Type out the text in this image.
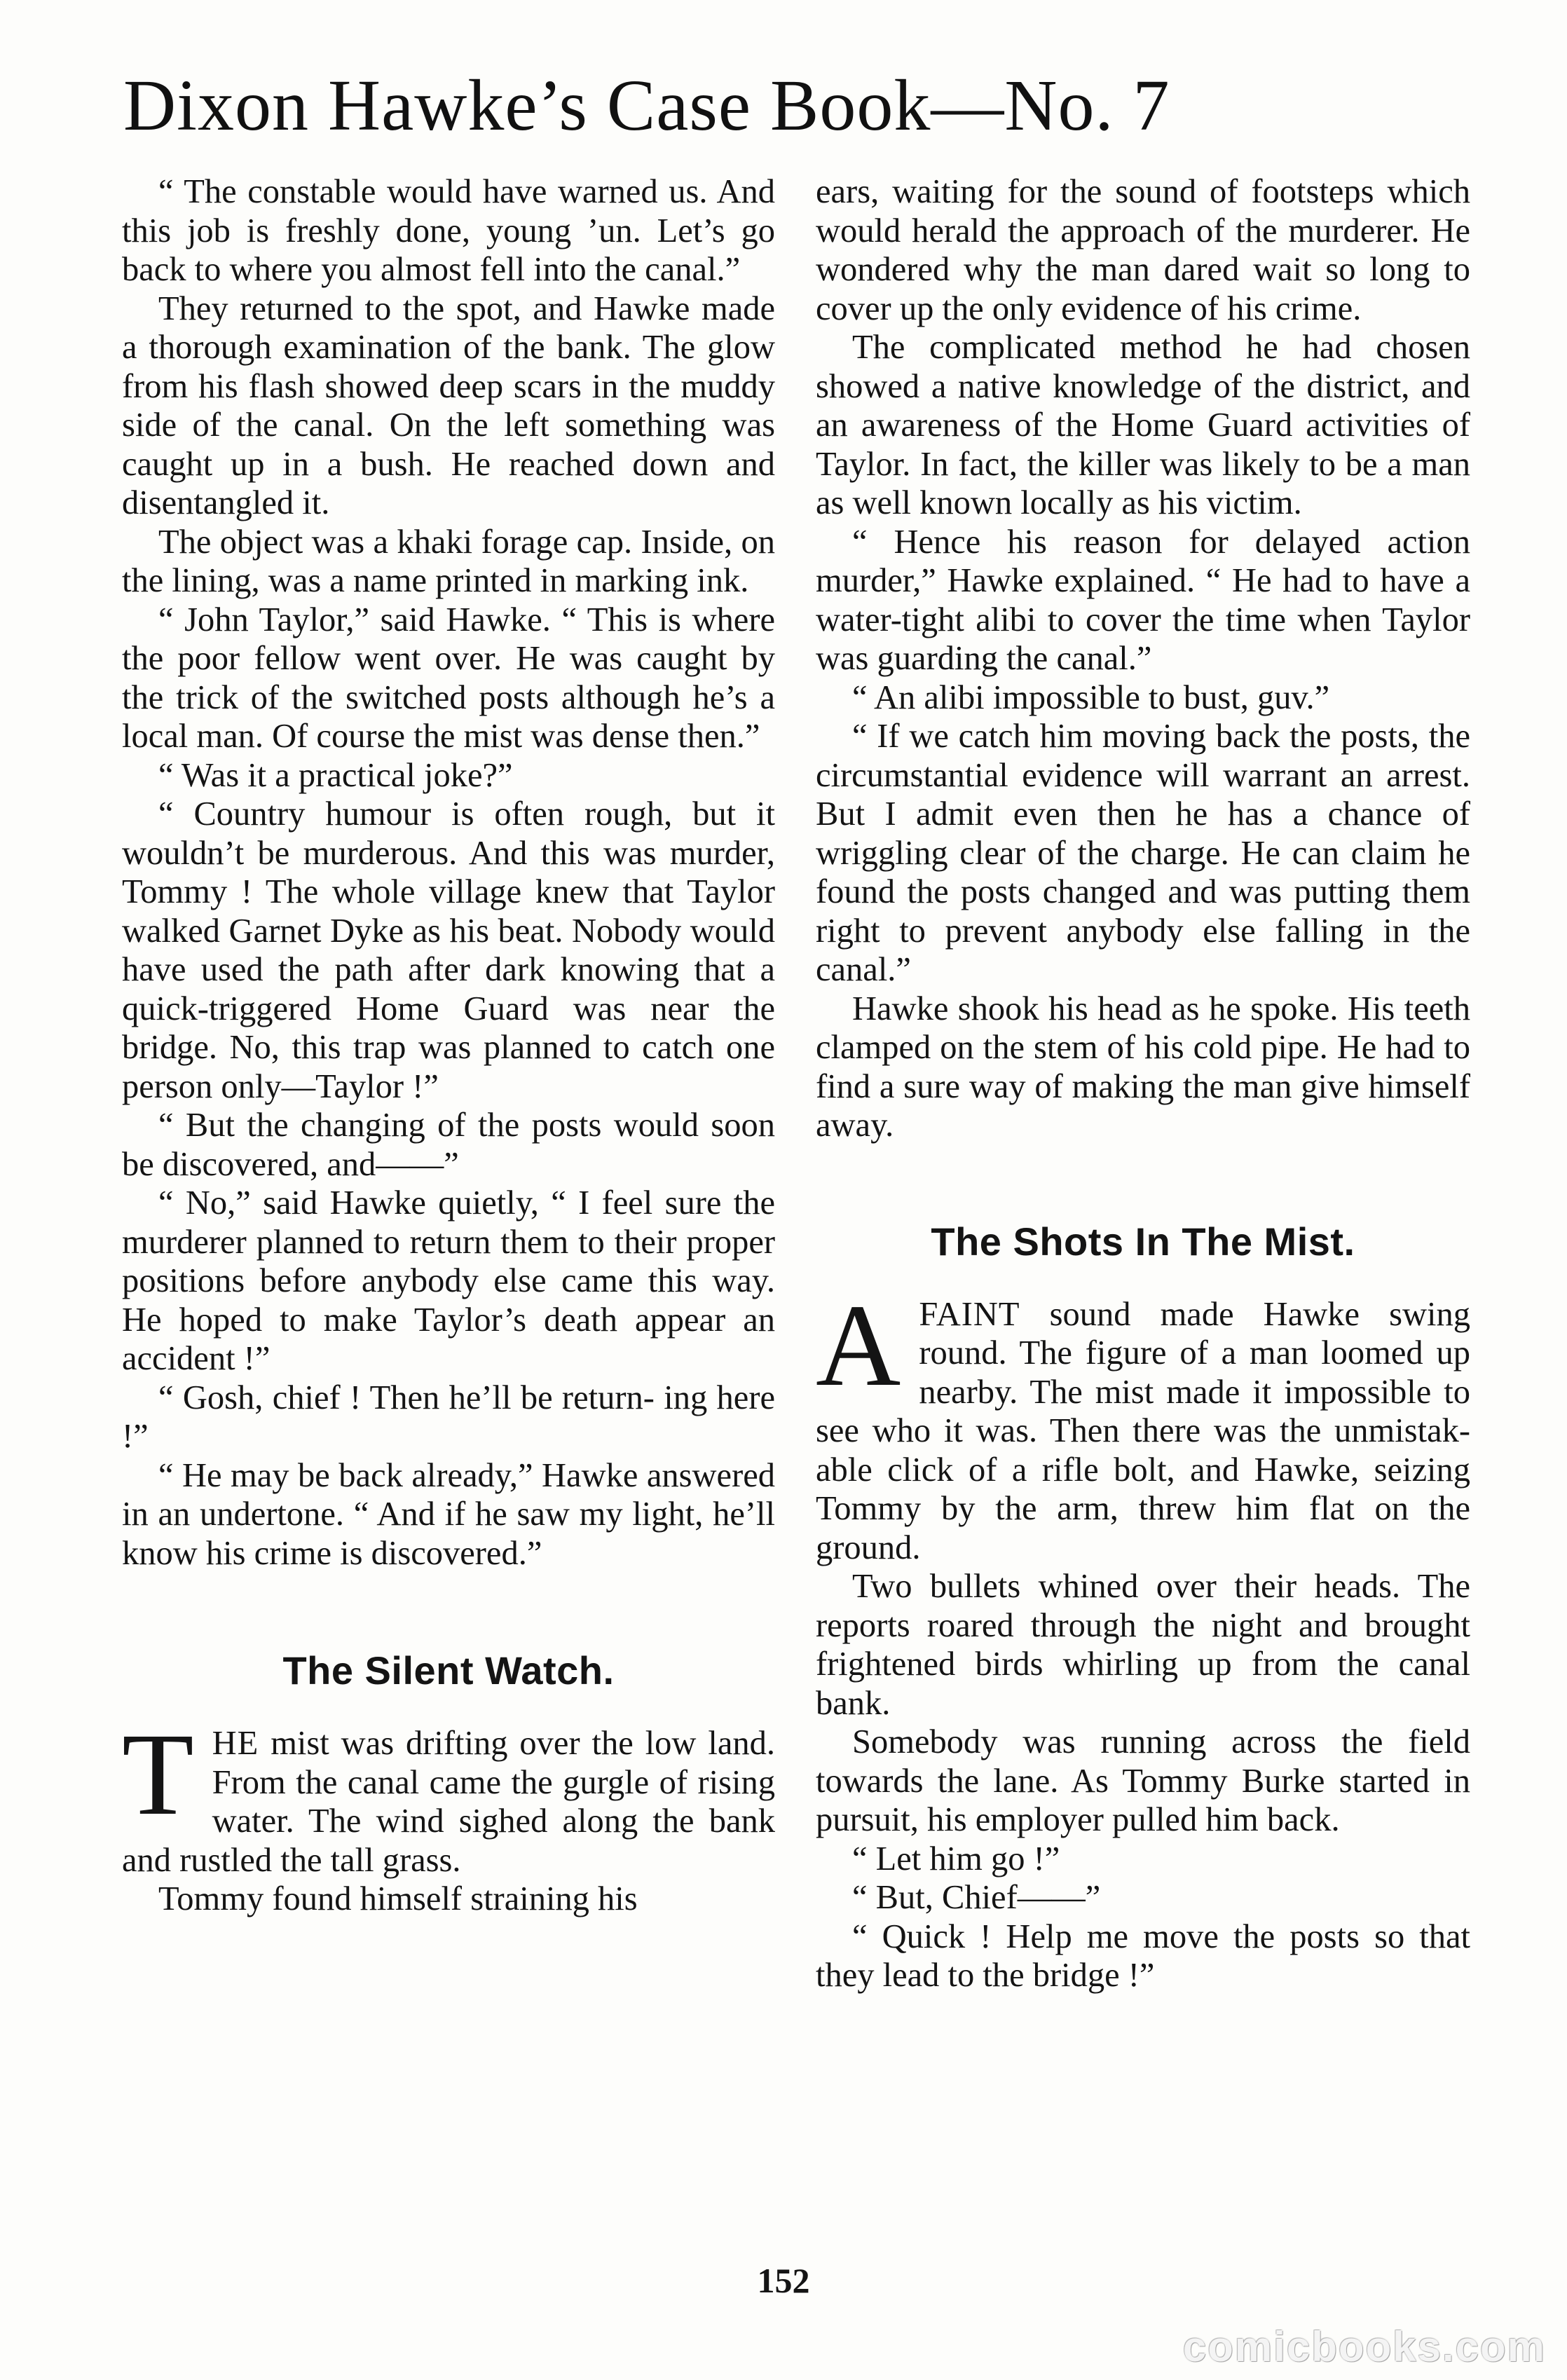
Dixon Hawke’s Case Book—No. 7

“ The constable would have warned us. And this job is freshly done, young ’un. Let’s go back to where you almost fell into the canal.”

They returned to the spot, and Hawke made a thorough examination of the bank. The glow from his flash showed deep scars in the muddy side of the canal. On the left something was caught up in a bush. He reached down and disentangled it.

The object was a khaki forage cap. Inside, on the lining, was a name printed in marking ink.

“ John Taylor,” said Hawke. “ This is where the poor fellow went over. He was caught by the trick of the switched posts although he’s a local man. Of course the mist was dense then.”

“ Was it a practical joke?”

“ Country humour is often rough, but it wouldn’t be murderous. And this was murder, Tommy ! The whole village knew that Taylor walked Garnet Dyke as his beat. Nobody would have used the path after dark knowing that a quick-triggered Home Guard was near the bridge. No, this trap was planned to catch one person only—Taylor !”

“ But the changing of the posts would soon be discovered, and——”

“ No,” said Hawke quietly, “ I feel sure the murderer planned to return them to their proper positions before anybody else came this way. He hoped to make Taylor’s death appear an accident !”

“ Gosh, chief ! Then he’ll be return- ing here !”

“ He may be back already,” Hawke answered in an undertone. “ And if he saw my light, he’ll know his crime is discovered.”

The Silent Watch.

THE mist was drifting over the low land. From the canal came the gurgle of rising water. The wind sighed along the bank and rustled the tall grass.

Tommy found himself straining his

ears, waiting for the sound of footsteps which would herald the approach of the murderer. He wondered why the man dared wait so long to cover up the only evidence of his crime.

The complicated method he had chosen showed a native knowledge of the district, and an awareness of the Home Guard activities of Taylor. In fact, the killer was likely to be a man as well known locally as his victim.

“ Hence his reason for delayed action murder,” Hawke explained. “ He had to have a water-tight alibi to cover the time when Taylor was guarding the canal.”

“ An alibi impossible to bust, guv.”

“ If we catch him moving back the posts, the circumstantial evidence will warrant an arrest. But I admit even then he has a chance of wriggling clear of the charge. He can claim he found the posts changed and was putting them right to prevent anybody else falling in the canal.”

Hawke shook his head as he spoke. His teeth clamped on the stem of his cold pipe. He had to find a sure way of making the man give himself away.

The Shots In The Mist.

AFAINT sound made Hawke swing round. The figure of a man loomed up nearby. The mist made it impossible to see who it was. Then there was the unmistak- able click of a rifle bolt, and Hawke, seizing Tommy by the arm, threw him flat on the ground.

Two bullets whined over their heads. The reports roared through the night and brought frightened birds whirling up from the canal bank.

Somebody was running across the field towards the lane. As Tommy Burke started in pursuit, his employer pulled him back.

“ Let him go !”

“ But, Chief——”

“ Quick ! Help me move the posts so that they lead to the bridge !”

152
comicbooks.com
